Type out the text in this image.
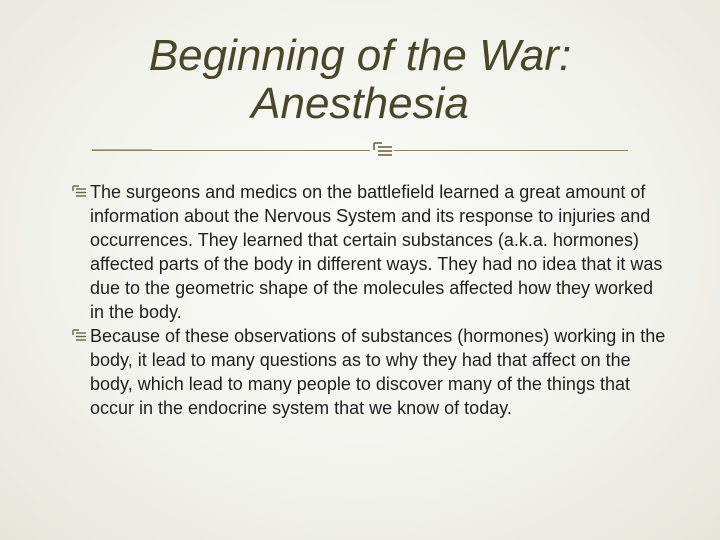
Beginning of the War: Anesthesia
The surgeons and medics on the battlefield learned a great amount of information about the Nervous System and its response to injuries and occurrences. They learned that certain substances (a.k.a. hormones) affected parts of the body in different ways. They had no idea that it was due to the geometric shape of the molecules affected how they worked in the body.
Because of these observations of substances (hormones) working in the body, it lead to many questions as to why they had that affect on the body, which lead to many people to discover many of the things that occur in the endocrine system that we know of today.
